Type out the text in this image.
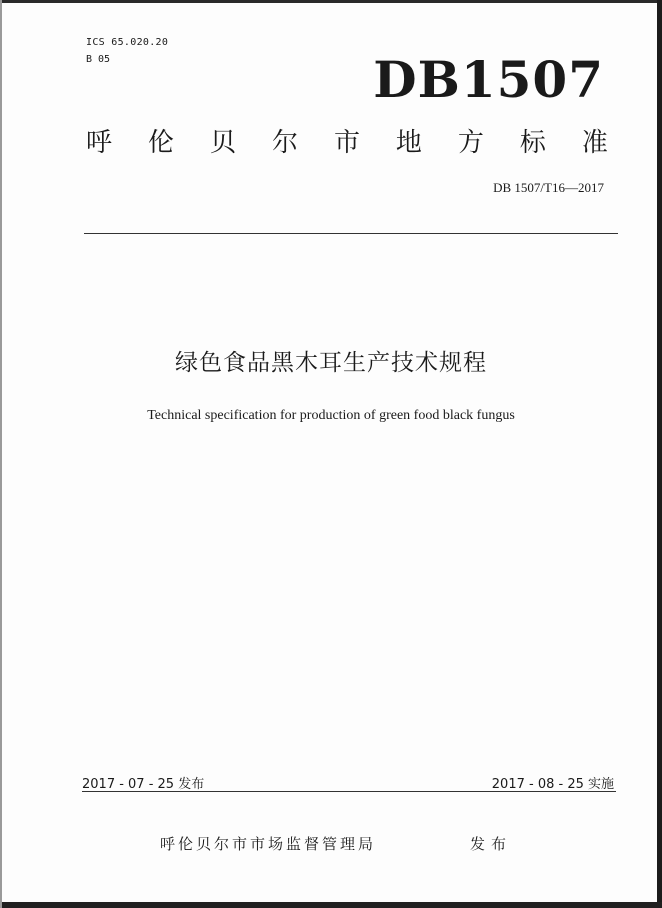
ICS 65.020.20
B 05	DB1507
呼 伦 贝 尔 市 地 方 标 准
DB 1507/T16—2017
绿色食品黑木耳生产技术规程
Technical specification for production of green food black fungus
2017 - 07 - 25 发布	2017 - 08 - 25 实施
呼伦贝尔市市场监督管理局	发布
